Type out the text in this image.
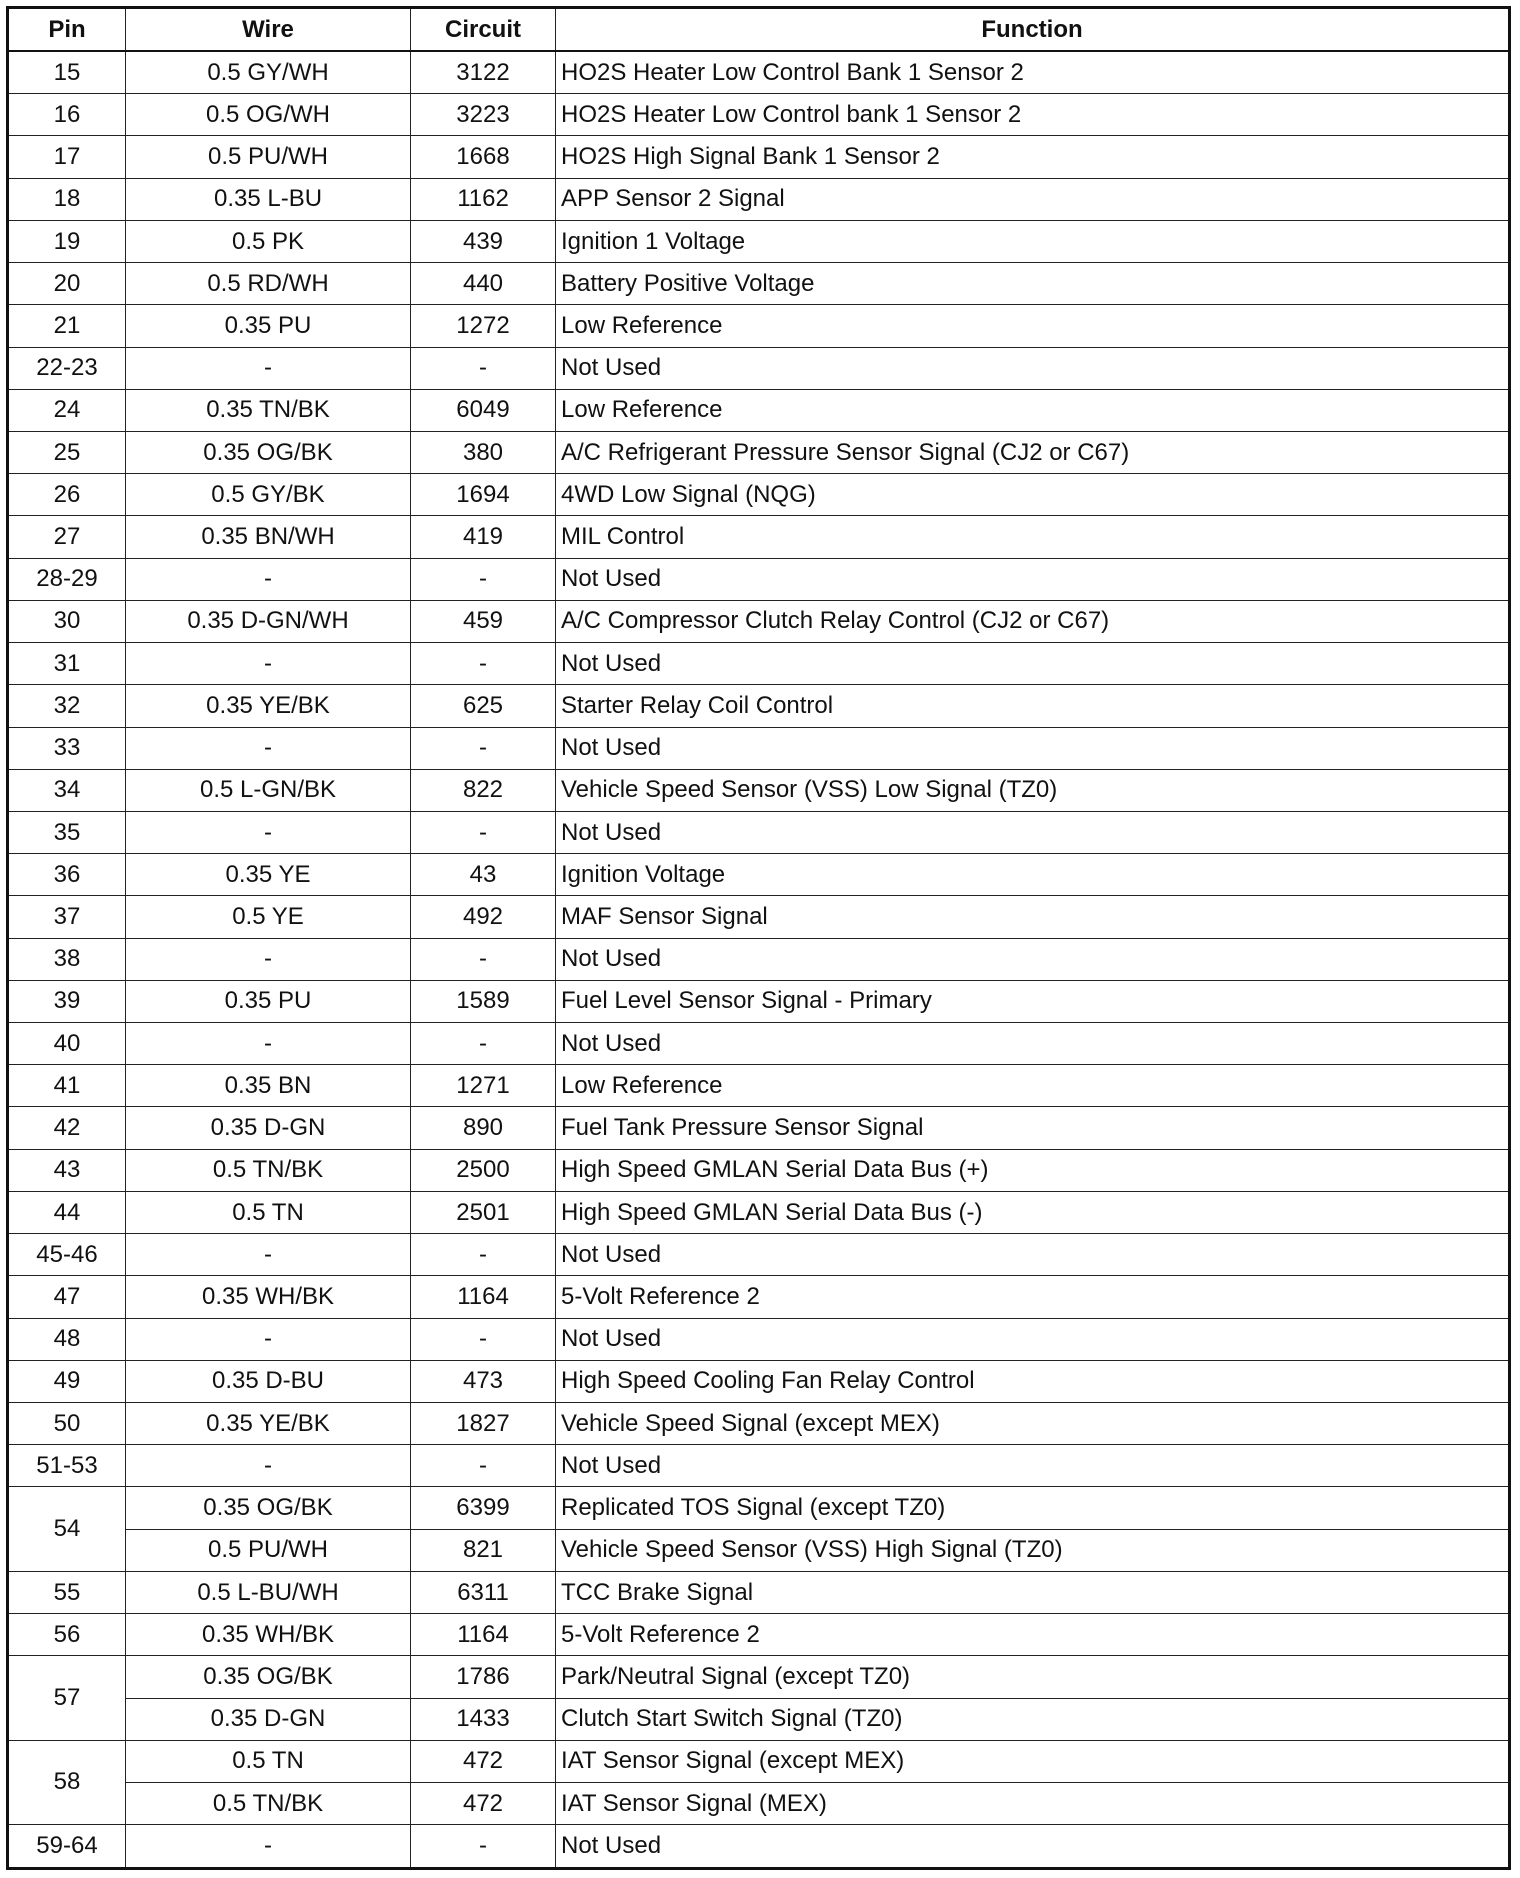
Pin	Wire	Circuit	Function
15	0.5 GY/WH	3122	HO2S Heater Low Control Bank 1 Sensor 2
16	0.5 OG/WH	3223	HO2S Heater Low Control bank 1 Sensor 2
17	0.5 PU/WH	1668	HO2S High Signal Bank 1 Sensor 2
18	0.35 L-BU	1162	APP Sensor 2 Signal
19	0.5 PK	439	Ignition 1 Voltage
20	0.5 RD/WH	440	Battery Positive Voltage
21	0.35 PU	1272	Low Reference
22-23	-	-	Not Used
24	0.35 TN/BK	6049	Low Reference
25	0.35 OG/BK	380	A/C Refrigerant Pressure Sensor Signal (CJ2 or C67)
26	0.5 GY/BK	1694	4WD Low Signal (NQG)
27	0.35 BN/WH	419	MIL Control
28-29	-	-	Not Used
30	0.35 D-GN/WH	459	A/C Compressor Clutch Relay Control (CJ2 or C67)
31	-	-	Not Used
32	0.35 YE/BK	625	Starter Relay Coil Control
33	-	-	Not Used
34	0.5 L-GN/BK	822	Vehicle Speed Sensor (VSS) Low Signal (TZ0)
35	-	-	Not Used
36	0.35 YE	43	Ignition Voltage
37	0.5 YE	492	MAF Sensor Signal
38	-	-	Not Used
39	0.35 PU	1589	Fuel Level Sensor Signal - Primary
40	-	-	Not Used
41	0.35 BN	1271	Low Reference
42	0.35 D-GN	890	Fuel Tank Pressure Sensor Signal
43	0.5 TN/BK	2500	High Speed GMLAN Serial Data Bus (+)
44	0.5 TN	2501	High Speed GMLAN Serial Data Bus (-)
45-46	-	-	Not Used
47	0.35 WH/BK	1164	5-Volt Reference 2
48	-	-	Not Used
49	0.35 D-BU	473	High Speed Cooling Fan Relay Control
50	0.35 YE/BK	1827	Vehicle Speed Signal (except MEX)
51-53	-	-	Not Used
54	0.35 OG/BK	6399	Replicated TOS Signal (except TZ0)
	0.5 PU/WH	821	Vehicle Speed Sensor (VSS) High Signal (TZ0)
55	0.5 L-BU/WH	6311	TCC Brake Signal
56	0.35 WH/BK	1164	5-Volt Reference 2
57	0.35 OG/BK	1786	Park/Neutral Signal (except TZ0)
	0.35 D-GN	1433	Clutch Start Switch Signal (TZ0)
58	0.5 TN	472	IAT Sensor Signal (except MEX)
	0.5 TN/BK	472	IAT Sensor Signal (MEX)
59-64	-	-	Not Used
